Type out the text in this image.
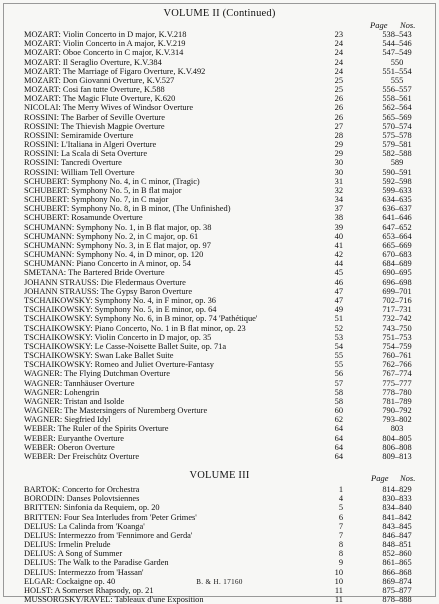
VOLUME II (Continued)
Page Nos.
MOZART: Violin Concerto in D major, K.V.218	23	538–543
MOZART: Violin Concerto in A major, K.V.219	24	544–546
MOZART: Oboe Concerto in C major, K.V.314	24	547–549
MOZART: Il Seraglio Overture, K.V.384	24	550
MOZART: The Marriage of Figaro Overture, K.V.492	24	551–554
MOZART: Don Giovanni Overture, K.V.527	25	555
MOZART: Cosi fan tutte Overture, K.588	25	556–557
MOZART: The Magic Flute Overture, K.620	26	558–561
NICOLAI: The Merry Wives of Windsor Overture	26	562–564
ROSSINI: The Barber of Seville Overture	26	565–569
ROSSINI: The Thievish Magpie Overture	27	570–574
ROSSINI: Semiramide Overture	28	575–578
ROSSINI: L'Italiana in Algeri Overture	29	579–581
ROSSINI: La Scala di Seta Overture	29	582–588
ROSSINI: Tancredi Overture	30	589
ROSSINI: William Tell Overture	30	590–591
SCHUBERT: Symphony No. 4, in C minor, (Tragic)	31	592–598
SCHUBERT: Symphony No. 5, in B flat major	32	599–633
SCHUBERT: Symphony No. 7, in C major	34	634–635
SCHUBERT: Symphony No. 8, in B minor, (The Unfinished)	37	636–637
SCHUBERT: Rosamunde Overture	38	641–646
SCHUMANN: Symphony No. 1, in B flat major, op. 38	39	647–652
SCHUMANN: Symphony No. 2, in C major, op. 61	40	653–664
SCHUMANN: Symphony No. 3, in E flat major, op. 97	41	665–669
SCHUMANN: Symphony No. 4, in D minor, op. 120	42	670–683
SCHUMANN: Piano Concerto in A minor, op. 54	44	684–689
SMETANA: The Bartered Bride Overture	45	690–695
JOHANN STRAUSS: Die Fledermaus Overture	46	696–698
JOHANN STRAUSS: The Gypsy Baron Overture	47	699–701
TSCHAIKOWSKY: Symphony No. 4, in F minor, op. 36	47	702–716
TSCHAIKOWSKY: Symphony No. 5, in E minor, op. 64	49	717–731
TSCHAIKOWSKY: Symphony No. 6, in B minor, op. 74 'Pathétique'	51	732–742
TSCHAIKOWSKY: Piano Concerto, No. 1 in B flat minor, op. 23	52	743–750
TSCHAIKOWSKY: Violin Concerto in D major, op. 35	53	751–753
TSCHAIKOWSKY: Le Casse-Noisette Ballet Suite, op. 71a	54	754–759
TSCHAIKOWSKY: Swan Lake Ballet Suite	55	760–761
TSCHAIKOWSKY: Romeo and Juliet Overture-Fantasy	55	762–766
WAGNER: The Flying Dutchman Overture	56	767–774
WAGNER: Tannhäuser Overture	57	775–777
WAGNER: Lohengrin	58	778–780
WAGNER: Tristan and Isolde	58	781–789
WAGNER: The Mastersingers of Nuremberg Overture	60	790–792
WAGNER: Siegfried Idyl	62	793–802
WEBER: The Ruler of the Spirits Overture	64	803
WEBER: Euryanthe Overture	64	804–805
WEBER: Oberon Overture	64	806–808
WEBER: Der Freischütz Overture	64	809–813
VOLUME III	Page Nos.
BARTOK: Concerto for Orchestra	1	814–829
BORODIN: Danses Polovtsiennes	4	830–833
BRITTEN: Sinfonia da Requiem, op. 20	5	834–840
BRITTEN: Four Sea Interludes from 'Peter Grimes'	6	841–842
DELIUS: La Calinda from 'Koanga'	7	843–845
DELIUS: Intermezzo from 'Fennimore and Gerda'	7	846–847
DELIUS: Irmelin Prelude	8	848–851
DELIUS: A Song of Summer	8	852–860
DELIUS: The Walk to the Paradise Garden	9	861–865
DELIUS: Intermezzo from 'Hassan'	10	866–868
ELGAR: Cockaigne op. 40	10	869–874
HOLST: A Somerset Rhapsody, op. 21	11	875–877
MUSSORGSKY/RAVEL: Tableaux d'une Exposition	11	878–888
B. & H. 17160
